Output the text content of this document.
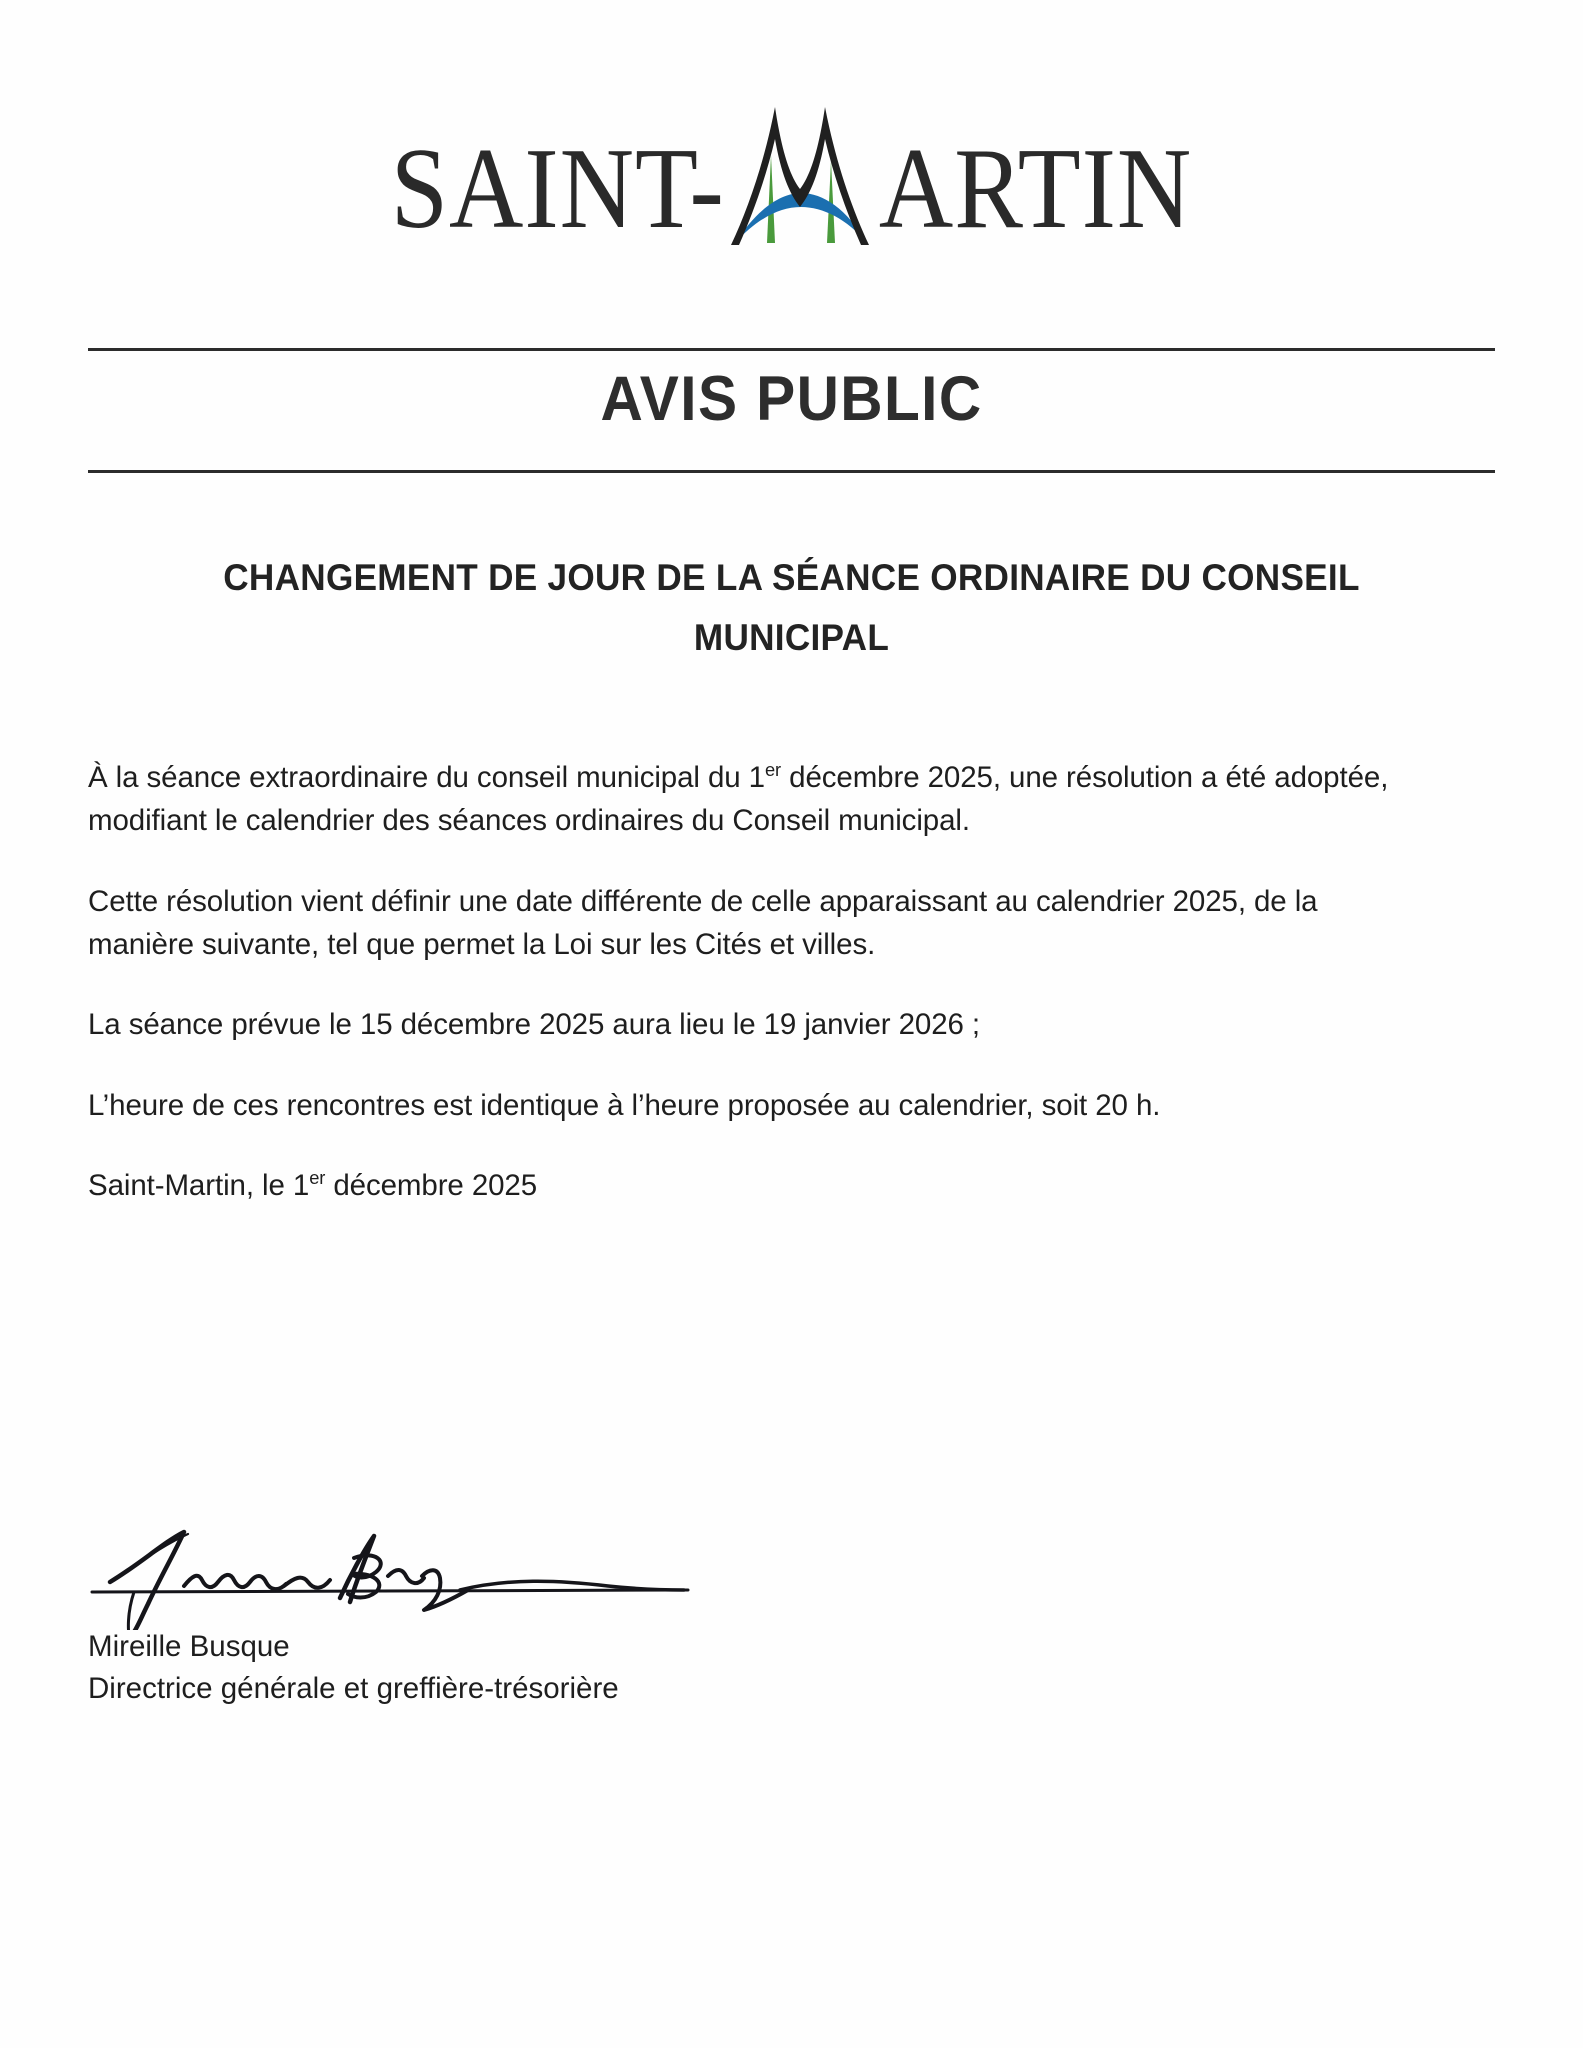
SAINT- ARTIN
AVIS PUBLIC
CHANGEMENT DE JOUR DE LA SÉANCE ORDINAIRE DU CONSEIL MUNICIPAL

À la séance extraordinaire du conseil municipal du 1er décembre 2025, une résolution a été adoptée, modifiant le calendrier des séances ordinaires du Conseil municipal.

Cette résolution vient définir une date différente de celle apparaissant au calendrier 2025, de la manière suivante, tel que permet la Loi sur les Cités et villes.

La séance prévue le 15 décembre 2025 aura lieu le 19 janvier 2026 ;

L’heure de ces rencontres est identique à l’heure proposée au calendrier, soit 20 h.

Saint-Martin, le 1er décembre 2025

Mireille Busque
Directrice générale et greffière-trésorière
